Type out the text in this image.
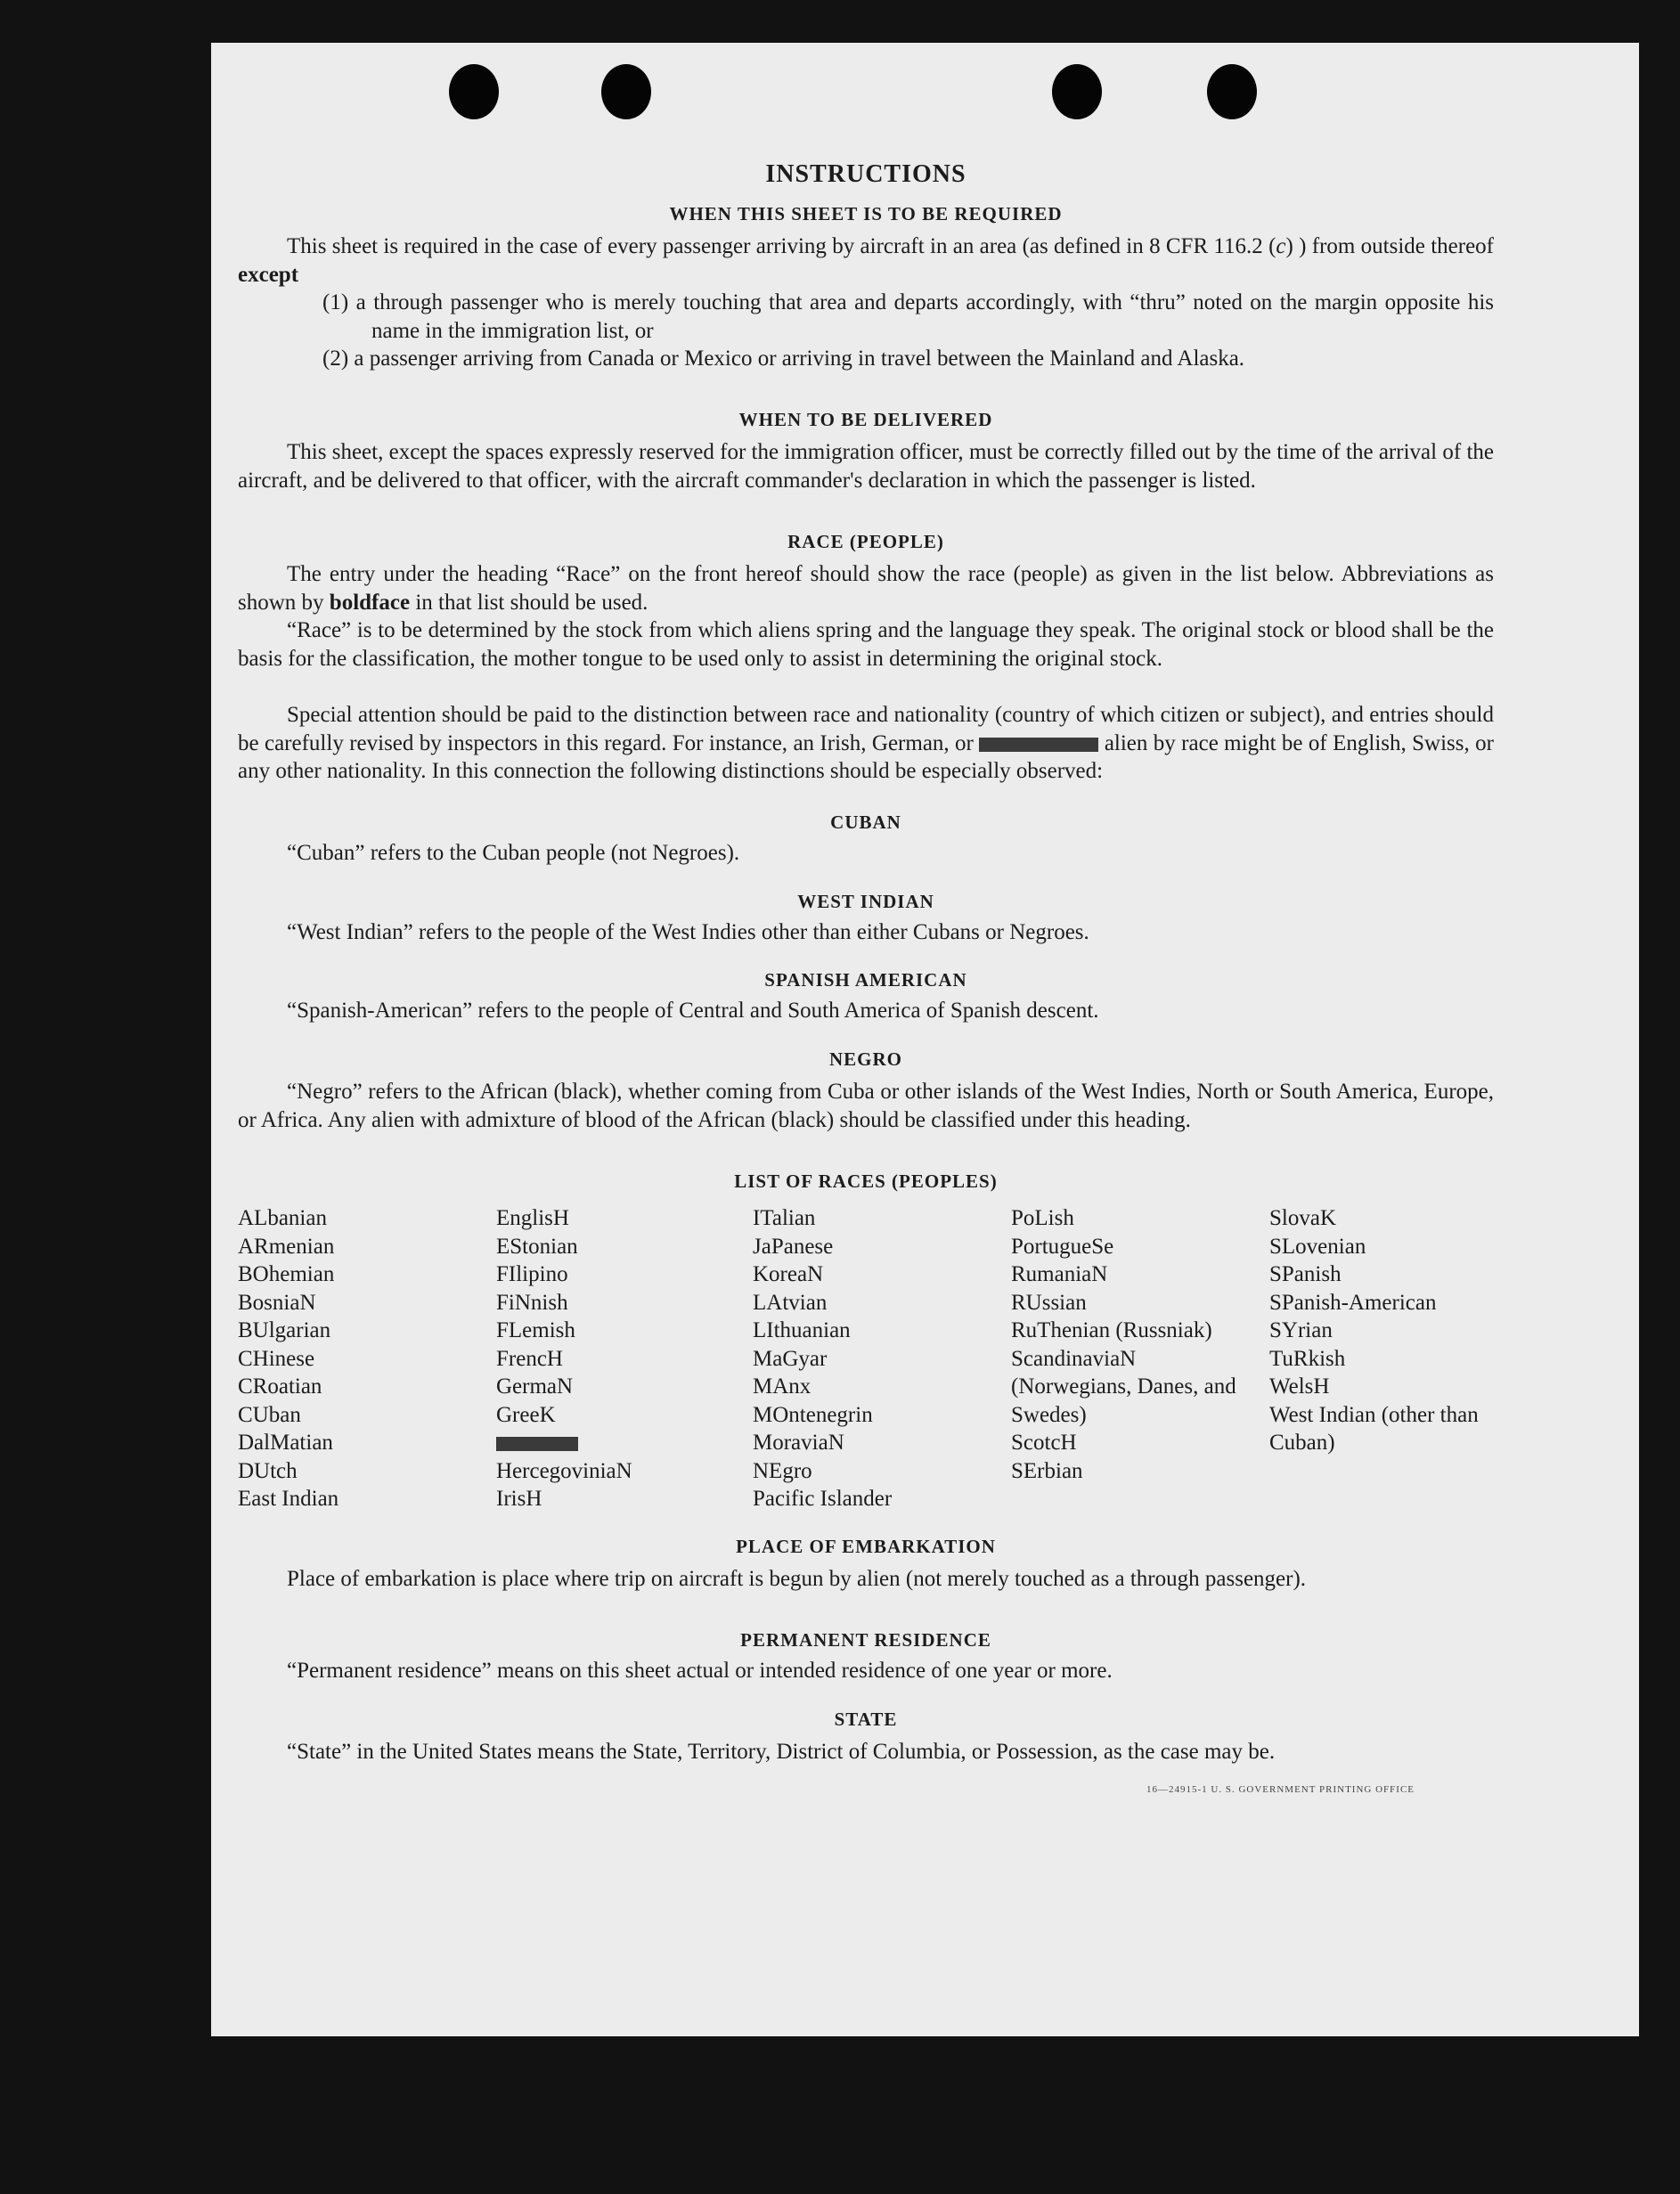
INSTRUCTIONS
WHEN THIS SHEET IS TO BE REQUIRED
This sheet is required in the case of every passenger arriving by aircraft in an area (as defined in 8 CFR 116.2 (c) ) from outside thereof except
(1) a through passenger who is merely touching that area and departs accordingly, with “thru” noted on the margin opposite his name in the immigration list, or
(2) a passenger arriving from Canada or Mexico or arriving in travel between the Mainland and Alaska.
WHEN TO BE DELIVERED
This sheet, except the spaces expressly reserved for the immigration officer, must be correctly filled out by the time of the arrival of the aircraft, and be delivered to that officer, with the aircraft commander's declaration in which the passenger is listed.
RACE (PEOPLE)
The entry under the heading “Race” on the front hereof should show the race (people) as given in the list below. Abbreviations as shown by boldface in that list should be used.
“Race” is to be determined by the stock from which aliens spring and the language they speak. The original stock or blood shall be the basis for the classification, the mother tongue to be used only to assist in determining the original stock.
Special attention should be paid to the distinction between race and nationality (country of which citizen or subject), and entries should be carefully revised by inspectors in this regard. For instance, an Irish, German, or	alien by race might be of English, Swiss, or any other nationality. In this connection the following distinctions should be especially observed:
CUBAN
“Cuban” refers to the Cuban people (not Negroes).
WEST INDIAN
“West Indian” refers to the people of the West Indies other than either Cubans or Negroes.
SPANISH AMERICAN
“Spanish-American” refers to the people of Central and South America of Spanish descent.
NEGRO
“Negro” refers to the African (black), whether coming from Cuba or other islands of the West Indies, North or South America, Europe, or Africa. Any alien with admixture of blood of the African (black) should be classified under this heading.
LIST OF RACES (PEOPLES)
ALbanian
ARmenian
BOhemian
BosniaN
BUlgarian
CHinese
CRoatian
CUban
DalMatian
DUtch
East Indian
EnglisH
EStonian
FIlipino
FiNnish
FLemish
FrencH
GermaN
GreeK
HercegoviniaN
IrisH
ITalian
JaPanese
KoreaN
LAtvian
LIthuanian
MaGyar
MAnx
MOntenegrin
MoraviaN
NEgro
Pacific Islander
PoLish
PortugueSe
RumaniaN
RUssian
RuThenian (Russniak)
ScandinaviaN (Norwegians, Danes, and Swedes)
ScotcH
SErbian
SlovaK
SLovenian
SPanish
SPanish-American
SYrian
TuRkish
WelsH
West Indian (other than Cuban)
PLACE OF EMBARKATION
Place of embarkation is place where trip on aircraft is begun by alien (not merely touched as a through passenger).
PERMANENT RESIDENCE
“Permanent residence” means on this sheet actual or intended residence of one year or more.
STATE
“State” in the United States means the State, Territory, District of Columbia, or Possession, as the case may be.
16—24915-1 U. S. GOVERNMENT PRINTING OFFICE
